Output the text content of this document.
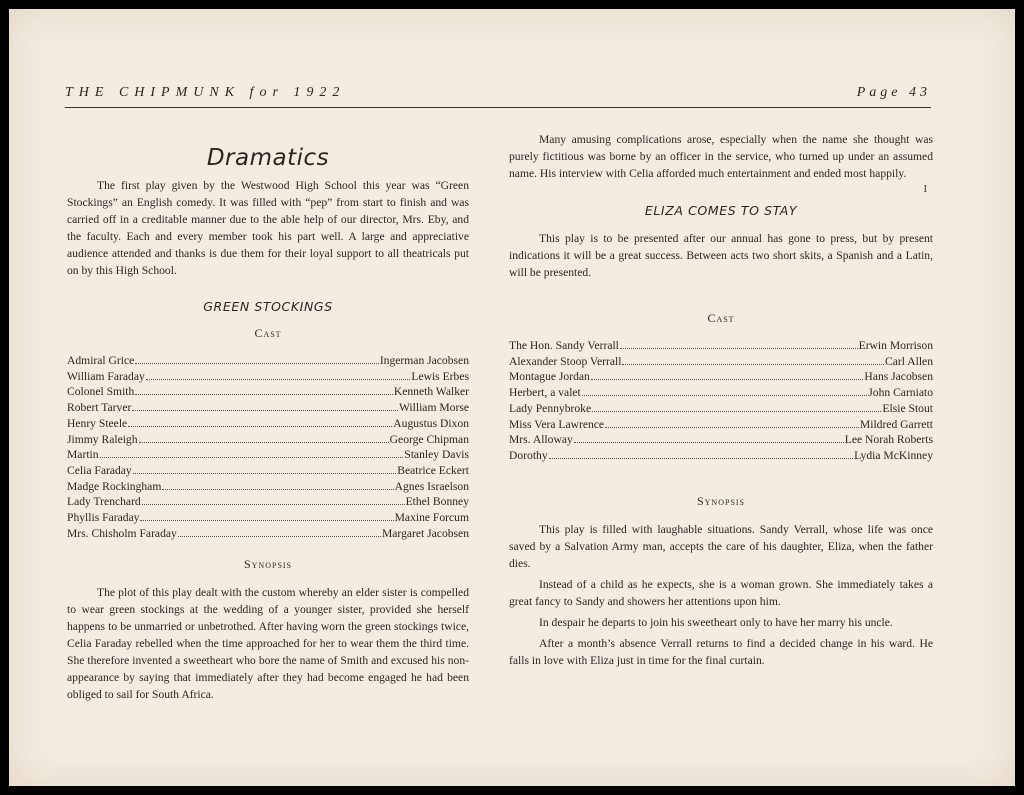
THE CHIPMUNK for 1922	Page 43
Dramatics

The first play given by the Westwood High School this year was “Green Stockings” an English comedy. It was filled with “pep” from start to finish and was carried off in a creditable manner due to the able help of our director, Mrs. Eby, and the faculty. Each and every member took his part well. A large and appreciative audience attended and thanks is due them for their loyal support to all theatricals put on by this High School.

GREEN STOCKINGS
Cast
Admiral Grice	Ingerman Jacobsen
William Faraday	Lewis Erbes
Colonel Smith	Kenneth Walker
Robert Tarver	William Morse
Henry Steele	Augustus Dixon
Jimmy Raleigh	George Chipman
Martin	Stanley Davis
Celia Faraday	Beatrice Eckert
Madge Rockingham	Agnes Israelson
Lady Trenchard	Ethel Bonney
Phyllis Faraday	Maxine Forcum
Mrs. Chisholm Faraday	Margaret Jacobsen
Synopsis

The plot of this play dealt with the custom whereby an elder sister is compelled to wear green stockings at the wedding of a younger sister, provided she herself happens to be unmarried or unbetrothed. After having worn the green stockings twice, Celia Faraday rebelled when the time approached for her to wear them the third time. She therefore invented a sweetheart who bore the name of Smith and excused his non-appearance by saying that immediately after they had become engaged he had been obliged to sail for South Africa.

Many amusing complications arose, especially when the name she thought was purely fictitious was borne by an officer in the service, who turned up under an assumed name. His interview with Celia afforded much entertainment and ended most happily.

I
ELIZA COMES TO STAY

This play is to be presented after our annual has gone to press, but by present indications it will be a great success. Between acts two short skits, a Spanish and a Latin, will be presented.

Cast
The Hon. Sandy Verrall	Erwin Morrison
Alexander Stoop Verrall	Carl Allen
Montague Jordan	Hans Jacobsen
Herbert, a valet	John Carniato
Lady Pennybroke	Elsie Stout
Miss Vera Lawrence	Mildred Garrett
Mrs. Alloway	Lee Norah Roberts
Dorothy	Lydia McKinney
Synopsis

This play is filled with laughable situations. Sandy Verrall, whose life was once saved by a Salvation Army man, accepts the care of his daughter, Eliza, when the father dies.

Instead of a child as he expects, she is a woman grown. She immediately takes a great fancy to Sandy and showers her attentions upon him.

In despair he departs to join his sweetheart only to have her marry his uncle.

After a month’s absence Verrall returns to find a decided change in his ward. He falls in love with Eliza just in time for the final curtain.
